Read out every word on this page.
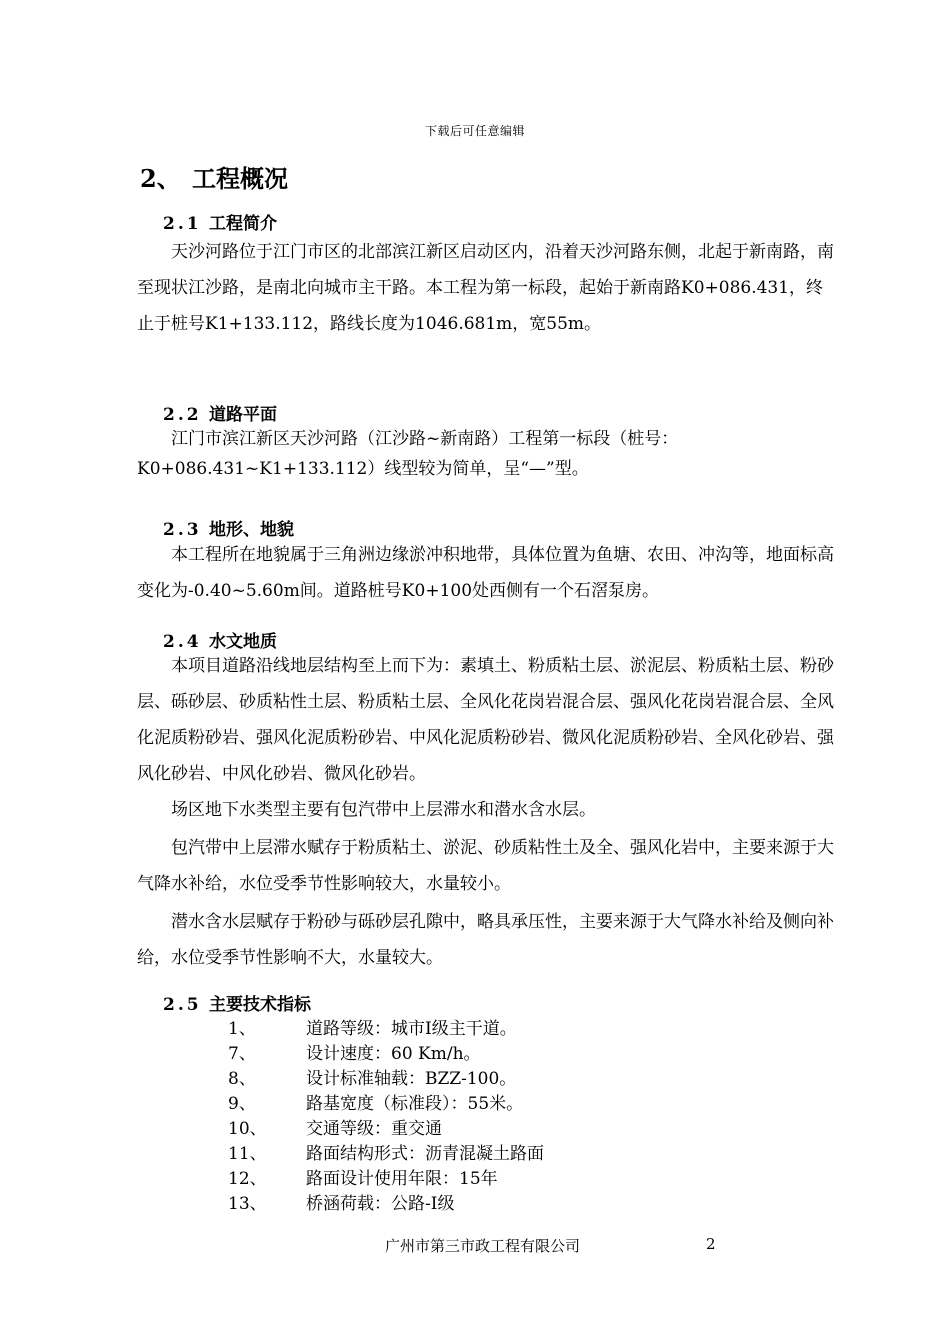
下载后可任意编辑
2、 工程概况
2.1 工程简介

天沙河路位于江门市区的北部滨江新区启动区内，沿着天沙河路东侧，北起于新南路，南至现状江沙路，是南北向城市主干路。本工程为第一标段，起始于新南路K0+086.431，终止于桩号K1+133.112，路线长度为1046.681m，宽55m。

2.2 道路平面

江门市滨江新区天沙河路（江沙路~新南路）工程第一标段（桩号：K0+086.431~K1+133.112）线型较为简单，呈“—”型。

2.3 地形、地貌

本工程所在地貌属于三角洲边缘淤冲积地带，具体位置为鱼塘、农田、冲沟等，地面标高变化为-0.40~5.60m间。道路桩号K0+100处西侧有一个石滘泵房。

2.4 水文地质

本项目道路沿线地层结构至上而下为：素填土、粉质粘土层、淤泥层、粉质粘土层、粉砂层、砾砂层、砂质粘性土层、粉质粘土层、全风化花岗岩混合层、强风化花岗岩混合层、全风化泥质粉砂岩、强风化泥质粉砂岩、中风化泥质粉砂岩、微风化泥质粉砂岩、全风化砂岩、强风化砂岩、中风化砂岩、微风化砂岩。

场区地下水类型主要有包汽带中上层滞水和潜水含水层。

包汽带中上层滞水赋存于粉质粘土、淤泥、砂质粘性土及全、强风化岩中，主要来源于大气降水补给，水位受季节性影响较大，水量较小。

潜水含水层赋存于粉砂与砾砂层孔隙中，略具承压性，主要来源于大气降水补给及侧向补给，水位受季节性影响不大，水量较大。

2.5 主要技术指标
1、	道路等级：城市Ⅰ级主干道。
7、	设计速度：60 Km/h。
8、	设计标准轴载：BZZ-100。
9、	路基宽度（标准段）：55米。
10、 交通等级：重交通
11、 路面结构形式：沥青混凝土路面
12、 路面设计使用年限：15年
13、 桥涵荷载：公路-Ⅰ级
广州市第三市政工程有限公司	2
